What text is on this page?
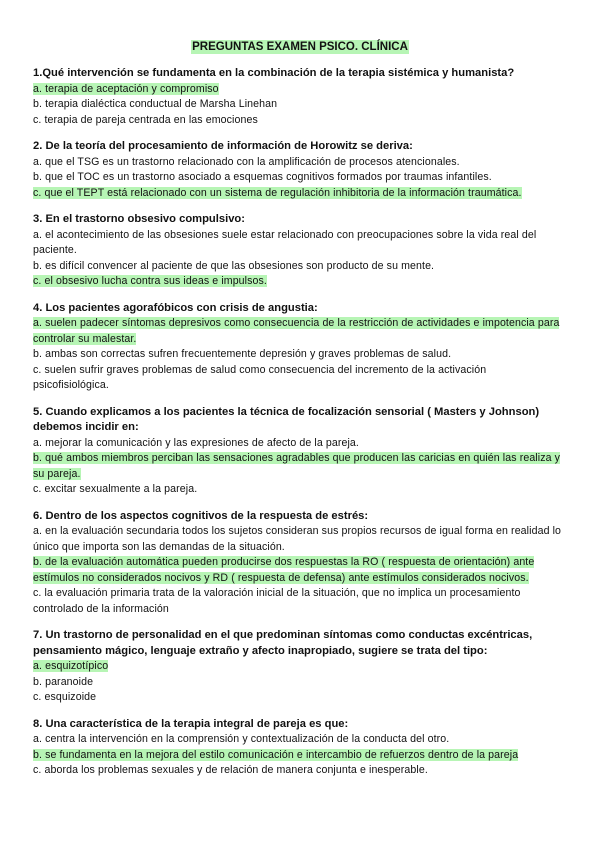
PREGUNTAS EXAMEN PSICO. CLÍNICA

1.Qué intervención se fundamenta en la combinación de la terapia sistémica y humanista?

a. terapia de aceptación y compromiso

b. terapia dialéctica conductual de Marsha Linehan

c. terapia de pareja centrada en las emociones

2. De la teoría del procesamiento de información de Horowitz se deriva:

a. que el TSG es un trastorno relacionado con la amplificación de procesos atencionales.

b. que el TOC es un trastorno asociado a esquemas cognitivos formados por traumas infantiles.

c. que el TEPT está relacionado con un sistema de regulación inhibitoria de la información traumática.

3. En el trastorno obsesivo compulsivo:

a. el acontecimiento de las obsesiones suele estar relacionado con preocupaciones sobre la vida real del paciente.

b. es difícil convencer al paciente de que las obsesiones son producto de su mente.

c. el obsesivo lucha contra sus ideas e impulsos.

4. Los pacientes agorafóbicos con crisis de angustia:

a. suelen padecer síntomas depresivos como consecuencia de la restricción de actividades e impotencia para controlar su malestar.

b. ambas son correctas sufren frecuentemente depresión y graves problemas de salud.

c. suelen sufrir graves problemas de salud como consecuencia del incremento de la activación psicofisiológica.

5. Cuando explicamos a los pacientes la técnica de focalización sensorial ( Masters y Johnson) debemos incidir en:

a. mejorar la comunicación y las expresiones de afecto de la pareja.

b. qué ambos miembros perciban las sensaciones agradables que producen las caricias en quién las realiza y su pareja.

c. excitar sexualmente a la pareja.

6. Dentro de los aspectos cognitivos de la respuesta de estrés:

a. en la evaluación secundaria todos los sujetos consideran sus propios recursos de igual forma en realidad lo único que importa son las demandas de la situación.

b. de la evaluación automática pueden producirse dos respuestas la RO ( respuesta de orientación) ante estímulos no considerados nocivos y RD ( respuesta de defensa) ante estímulos considerados nocivos.

c. la evaluación primaria trata de la valoración inicial de la situación, que no implica un procesamiento controlado de la información

7. Un trastorno de personalidad en el que predominan síntomas como conductas excéntricas, pensamiento mágico, lenguaje extraño y afecto inapropiado, sugiere se trata del tipo:

a. esquizotípico

b. paranoide

c. esquizoide

8. Una característica de la terapia integral de pareja es que:

a. centra la intervención en la comprensión y contextualización de la conducta del otro.

b. se fundamenta en la mejora del estilo comunicación e intercambio de refuerzos dentro de la pareja

c. aborda los problemas sexuales y de relación de manera conjunta e inesperable.
